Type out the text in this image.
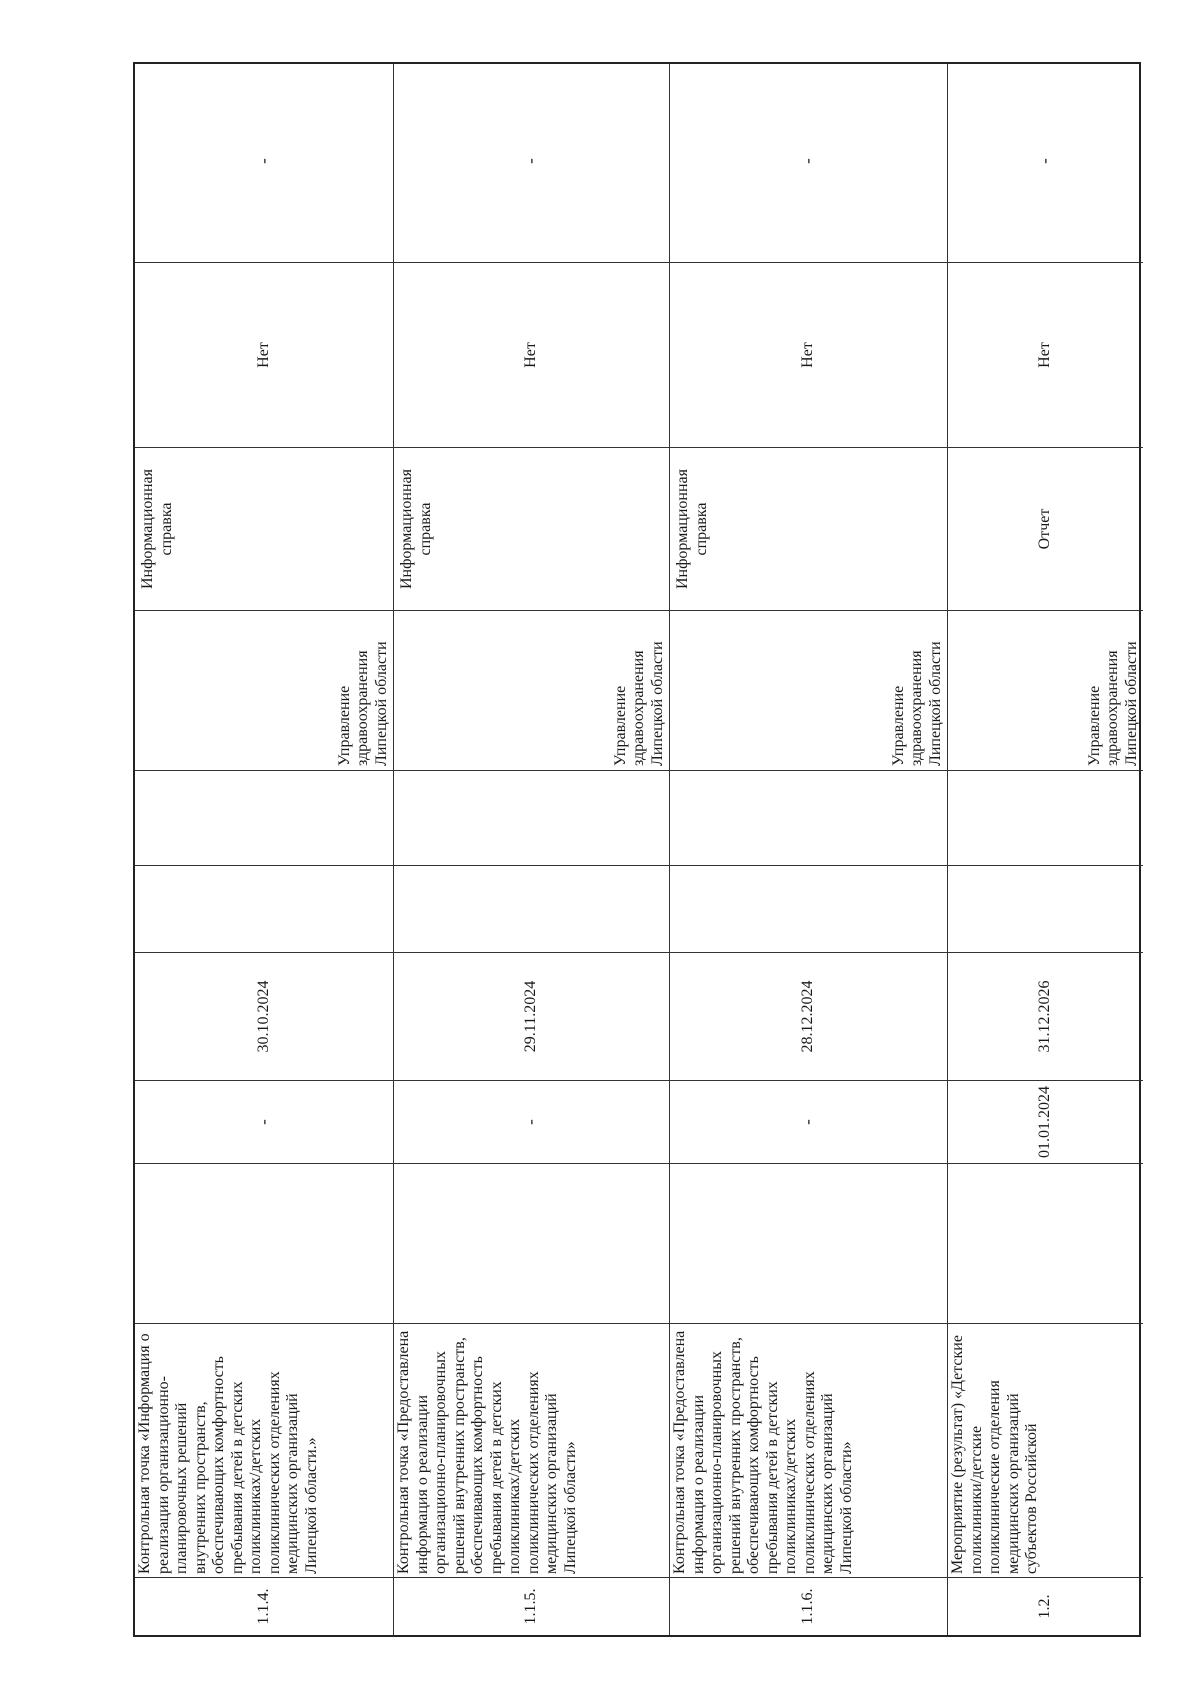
1.1.4.
Контрольная точка «Информация о реализации организационно-планировочных решений внутренних пространств, обеспечивающих комфортность пребывания детей в детских поликлиниках/детских поликлинических отделениях медицинских организаций Липецкой области.»
-
30.10.2024
Управление здравоохранения Липецкой области
Информационная справка
Нет
-
1.1.5.
Контрольная точка «Предоставлена информация о реализации организационно-планировочных решений внутренних пространств, обеспечивающих комфортность пребывания детей в детских поликлиниках/детских поликлинических отделениях медицинских организаций Липецкой области»
-
29.11.2024
Управление здравоохранения Липецкой области
Информационная справка
Нет
-
1.1.6.
Контрольная точка «Предоставлена информация о реализации организационно-планировочных решений внутренних пространств, обеспечивающих комфортность пребывания детей в детских поликлиниках/детских поликлинических отделениях медицинских организаций Липецкой области»
-
28.12.2024
Управление здравоохранения Липецкой области
Информационная справка
Нет
-
1.2.
Мероприятие (результат) «Детские поликлиники/детские поликлинические отделения медицинских организаций субъектов Российской
01.01.2024
31.12.2026
Управление здравоохранения Липецкой области
Отчет
Нет
-
